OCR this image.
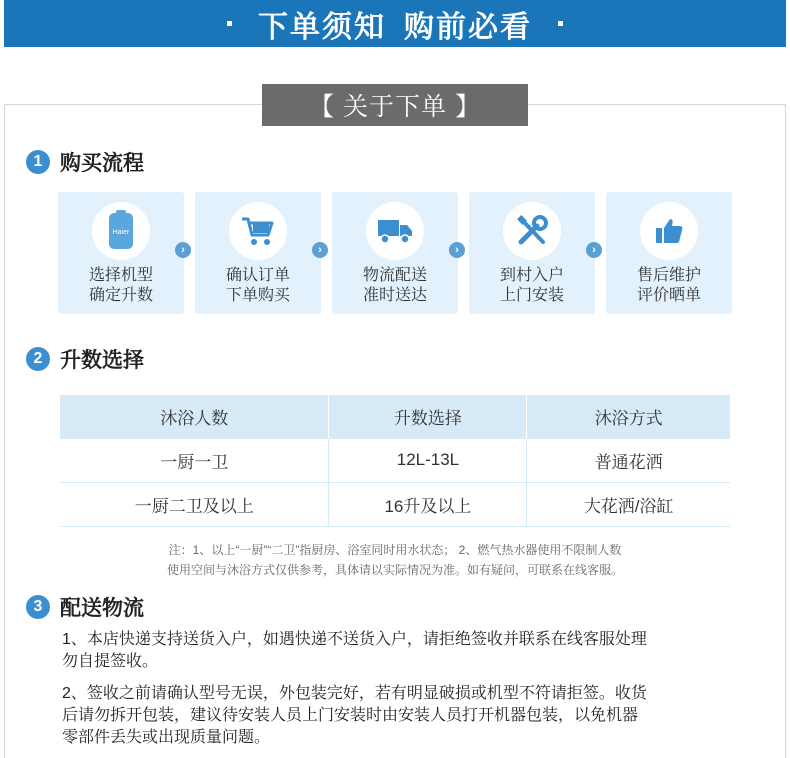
下单须知 购前必看
【 关于下单 】
1 购买流程
Haier
选择机型
确定升数
›
确认订单
下单购买
›
物流配送
准时送达
›
到村入户
上门安装
›
售后维护
评价晒单
2 升数选择
沐浴人数	升数选择	沐浴方式
一厨一卫	12L-13L	普通花洒
一厨二卫及以上	16升及以上	大花洒/浴缸
注：1、以上“一厨”“二卫”指厨房、浴室同时用水状态； 2、燃气热水器使用不限制人数
使用空间与沐浴方式仅供参考，具体请以实际情况为准。如有疑问，可联系在线客服。
3 配送物流
1、本店快递支持送货入户，如遇快递不送货入户，请拒绝签收并联系在线客服处理
勿自提签收。
2、签收之前请确认型号无误，外包装完好，若有明显破损或机型不符请拒签。收货
后请勿拆开包装，建议待安装人员上门安装时由安装人员打开机器包装，以免机器
零部件丢失或出现质量问题。
